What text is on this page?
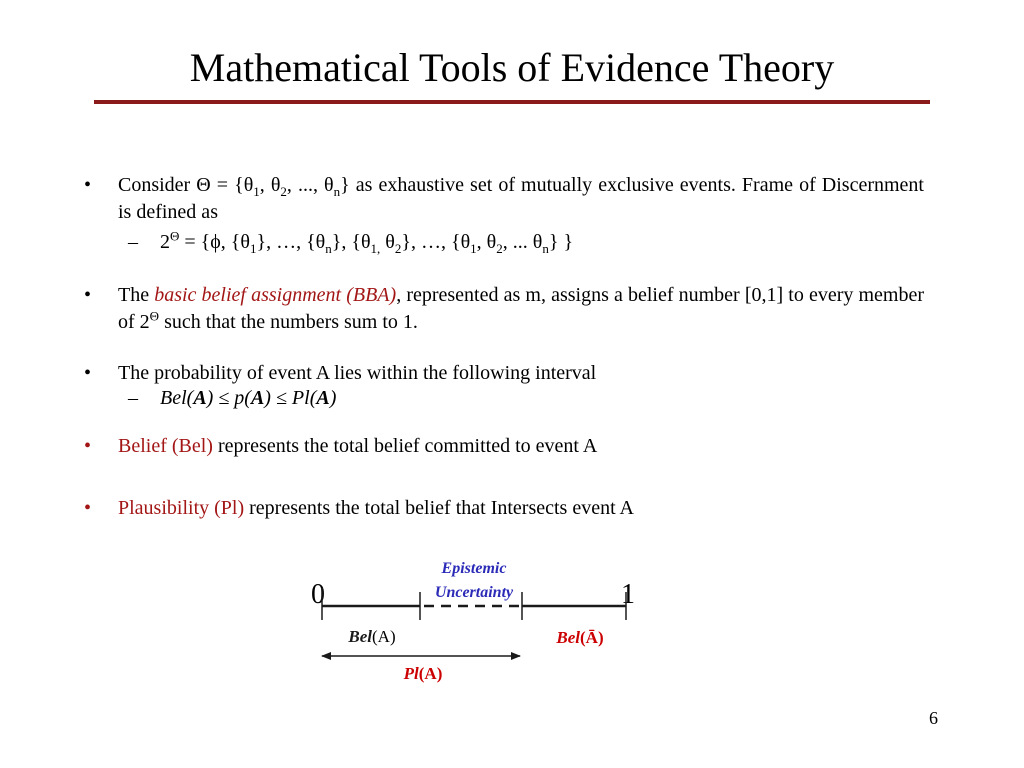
Mathematical Tools of Evidence Theory
• Consider $\Theta = \{\theta_1$, $\theta_2$, ..., $\theta_n$} as exhaustive set of mutually exclusive events. Frame of Discernment is defined as
– $2^\Theta = \{\phi$, $\{\theta_1\}$, …, $\{\theta_n\}$, {$\theta_{1,}$ $\theta_2$}, …, {$\theta_1$, $\theta_2$, ... $\theta_n$} }
• The basic belief assignment (BBA), represented as m, assigns a belief number [0,1] to every member of $2^\Theta$ such that the numbers sum to 1.
• The probability of event A lies within the following interval
– Bel(A) ≤ p(A) ≤ Pl(A)
• Belief (Bel) represents the total belief committed to event A
• Plausibility (Pl) represents the total belief that Intersects event A
Epistemic
Uncertainty
0	1
Bel(A)	Bel(Ā)
Pl(A)
6
